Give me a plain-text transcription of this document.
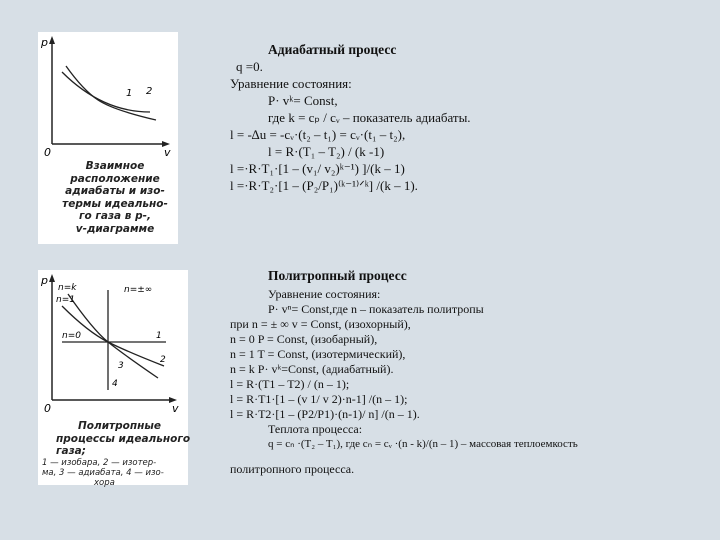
p
v
0
1 2
Взаимное
расположение
адиабаты и изо-
термы идеально-
го газа в p-,
v-диаграмме
p
v
0
n=k
n=1
n=±∞
n=0	1
2
3
4
Политропные
процессы идеального
газа;
1 — изобара, 2 — изотер-
ма, 3 — адиабата, 4 — изо-
хора
Адиабатный процесс
q =0.
Уравнение состояния:
P· vᵏ= Const,
где k = cₚ / cᵥ – показатель адиабаты.
l = -∆u = -cᵥ·(t₂ – t₁) = cᵥ·(t₁ – t₂),
l = R·(T₁ – T₂) / (k -1)
l =·R·T₁·[1 – (v₁/ v₂)ᵏ⁻¹) ]/(k – 1)
l =·R·T₂·[1 – (P₂/P₁)⁽ᵏ⁻¹⁾ᐟᵏ] /(k – 1).
Политропный процесс
Уравнение состояния:
P· vⁿ= Const,где n – показатель политропы
при n = ± ∞ v = Const, (изохорный),
n = 0 P = Const, (изобарный),
n = 1 T = Const, (изотермический),
n = k P· vᵏ=Const, (адиабатный).
l = R·(T1 – T2) / (n – 1);
l = R·T1·[1 – (v 1/ v 2)·n-1] /(n – 1);
l = R·T2·[1 – (P2/P1)·(n-1)/ n] /(n – 1).
Теплота процесса:
q = cₙ ·(T₂ – T₁), где cₙ = cᵥ ·(n - k)/(n – 1) – массовая теплоемкость
политропного процесса.
